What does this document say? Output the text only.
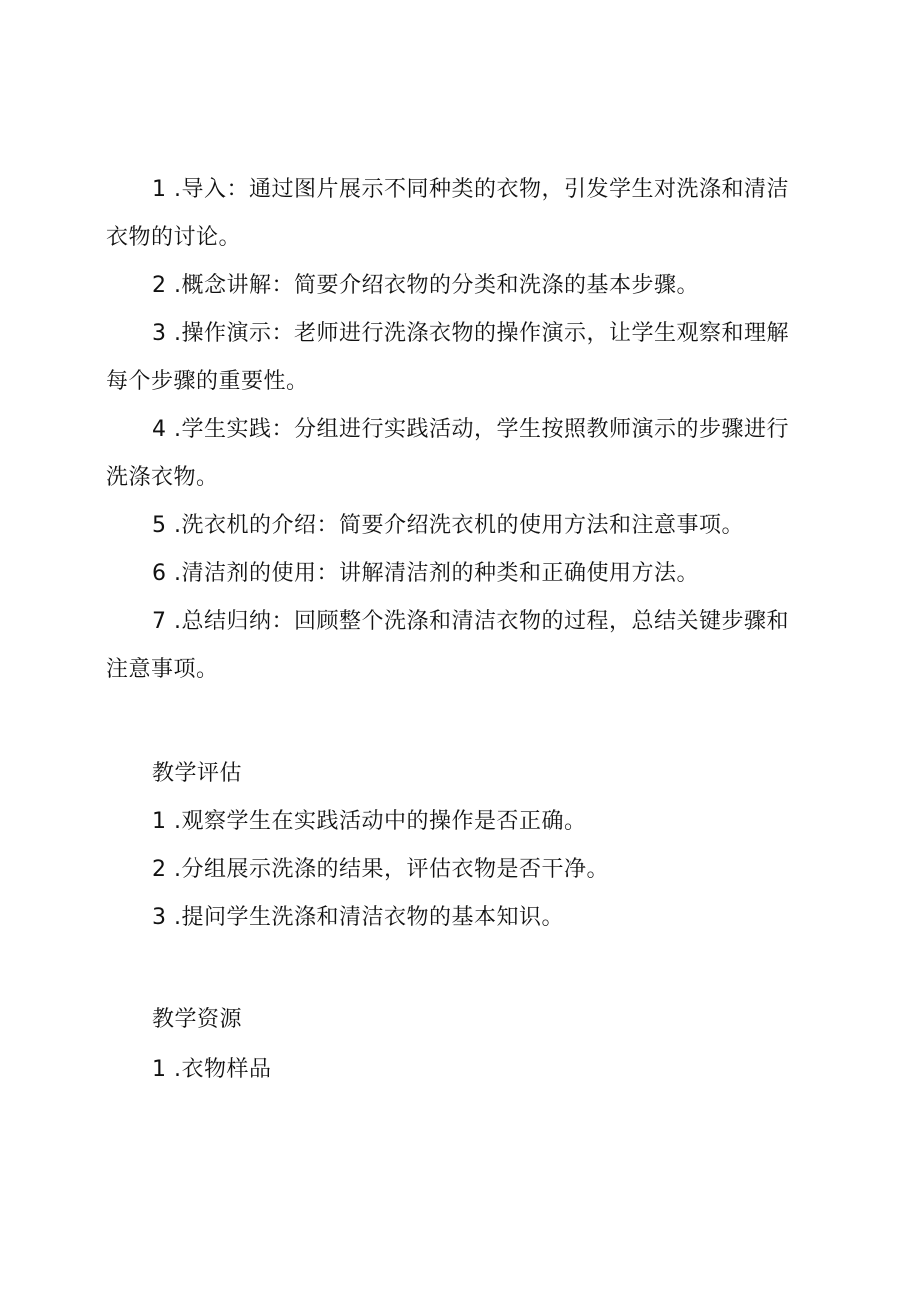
1 .导入：通过图片展示不同种类的衣物，引发学生对洗涤和清洁衣物的讨论。

2 .概念讲解：简要介绍衣物的分类和洗涤的基本步骤。

3 .操作演示：老师进行洗涤衣物的操作演示，让学生观察和理解每个步骤的重要性。

4 .学生实践：分组进行实践活动，学生按照教师演示的步骤进行洗涤衣物。

5 .洗衣机的介绍：简要介绍洗衣机的使用方法和注意事项。

6 .清洁剂的使用：讲解清洁剂的种类和正确使用方法。

7 .总结归纳：回顾整个洗涤和清洁衣物的过程，总结关键步骤和注意事项。

教学评估

1 .观察学生在实践活动中的操作是否正确。

2 .分组展示洗涤的结果，评估衣物是否干净。

3 .提问学生洗涤和清洁衣物的基本知识。

教学资源

1 .衣物样品
